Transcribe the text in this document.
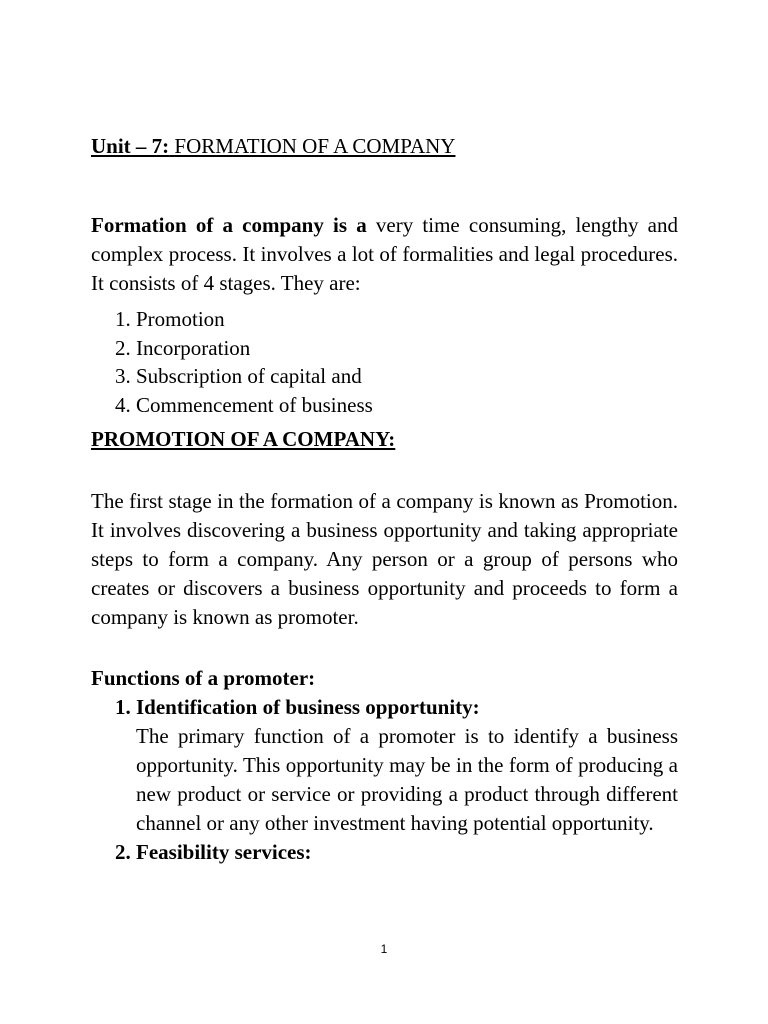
Unit – 7: FORMATION OF A COMPANY

Formation of a company is a very time consuming, lengthy and complex process. It involves a lot of formalities and legal procedures. It consists of 4 stages. They are:

1. Promotion
2. Incorporation
3. Subscription of capital and
4. Commencement of business
PROMOTION OF A COMPANY:

The first stage in the formation of a company is known as Promotion. It involves discovering a business opportunity and taking appropriate steps to form a company. Any person or a group of persons who creates or discovers a business opportunity and proceeds to form a company is known as promoter.

Functions of a promoter:
1. Identification of business opportunity:
The primary function of a promoter is to identify a business opportunity. This opportunity may be in the form of producing a new product or service or providing a product through different channel or any other investment having potential opportunity.
2. Feasibility services:
1
